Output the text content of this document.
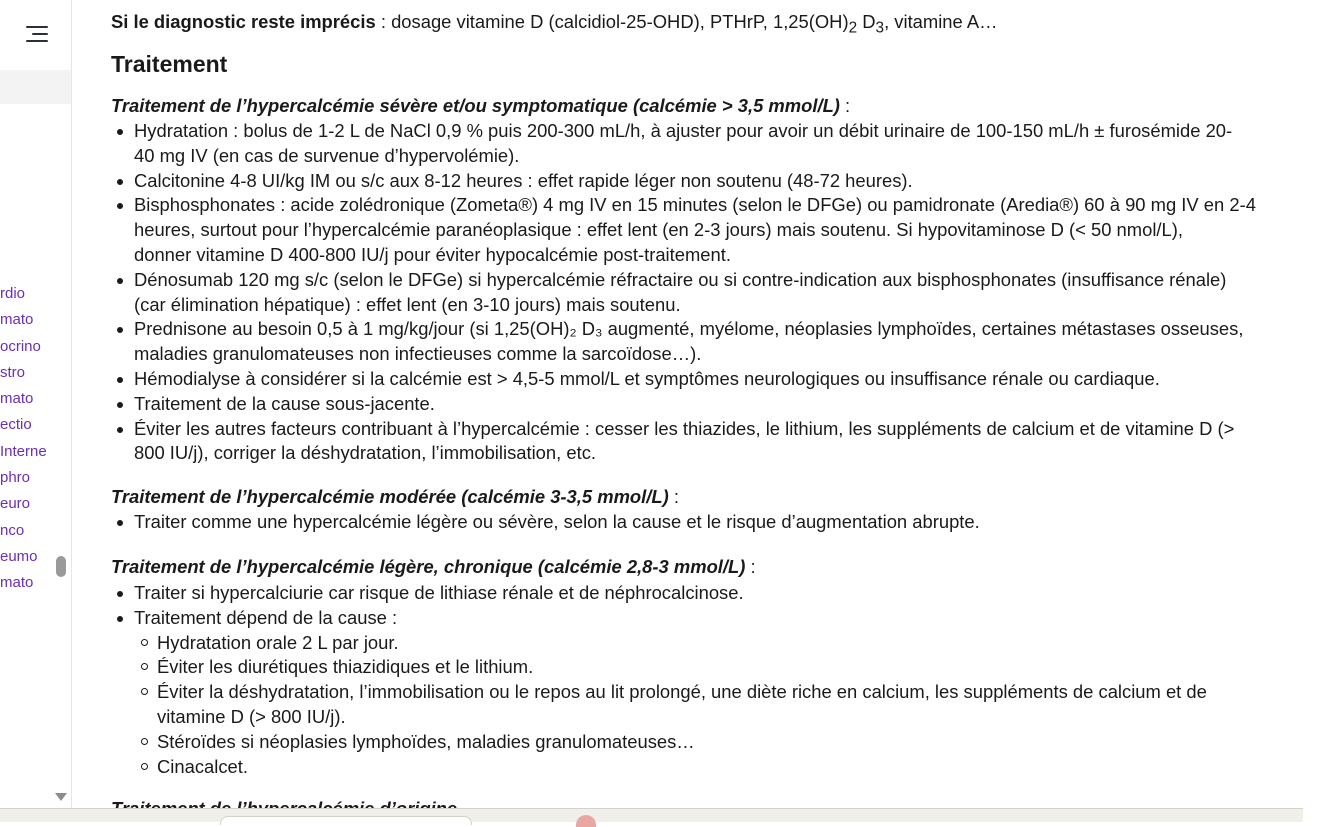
rdio
mato
ocrino
stro
mato
ectio
Interne
phro
euro
nco
eumo
mato

Si le diagnostic reste imprécis : dosage vitamine D (calcidiol-25-OHD), PTHrP, $1,25(OH)_2$ $D_3$, vitamine A…

Traitement

Traitement de l’hypercalcémie sévère et/ou symptomatique (calcémie > 3,5 mmol/L) :

Hydratation : bolus de 1-2 L de NaCl 0,9 % puis 200-300 mL/h, à ajuster pour avoir un débit urinaire de 100-150 mL/h ± furosémide 20-
40 mg IV (en cas de survenue d’hypervolémie).
Calcitonine 4-8 UI/kg IM ou s/c aux 8-12 heures : effet rapide léger non soutenu (48-72 heures).
Bisphosphonates : acide zolédronique (Zometa®) 4 mg IV en 15 minutes (selon le DFGe) ou pamidronate (Aredia®) 60 à 90 mg IV en 2-4
heures, surtout pour l’hypercalcémie paranéoplasique : effet lent (en 2-3 jours) mais soutenu. Si hypovitaminose D (< 50 nmol/L),
donner vitamine D 400-800 IU/j pour éviter hypocalcémie post-traitement.
Dénosumab 120 mg s/c (selon le DFGe) si hypercalcémie réfractaire ou si contre-indication aux bisphosphonates (insuffisance rénale)
(car élimination hépatique) : effet lent (en 3-10 jours) mais soutenu.
Prednisone au besoin 0,5 à 1 mg/kg/jour (si 1,25(OH)₂ D₃ augmenté, myélome, néoplasies lymphoïdes, certaines métastases osseuses,
maladies granulomateuses non infectieuses comme la sarcoïdose…).
Hémodialyse à considérer si la calcémie est > 4,5-5 mmol/L et symptômes neurologiques ou insuffisance rénale ou cardiaque.
Traitement de la cause sous-jacente.
Éviter les autres facteurs contribuant à l’hypercalcémie : cesser les thiazides, le lithium, les suppléments de calcium et de vitamine D (>
800 IU/j), corriger la déshydratation, l’immobilisation, etc.

Traitement de l’hypercalcémie modérée (calcémie 3-3,5 mmol/L) :

Traiter comme une hypercalcémie légère ou sévère, selon la cause et le risque d’augmentation abrupte.

Traitement de l’hypercalcémie légère, chronique (calcémie 2,8-3 mmol/L) :

Traiter si hypercalciurie car risque de lithiase rénale et de néphrocalcinose.
Traitement dépend de la cause :
Hydratation orale 2 L par jour.
Éviter les diurétiques thiazidiques et le lithium.
Éviter la déshydratation, l’immobilisation ou le repos au lit prolongé, une diète riche en calcium, les suppléments de calcium et de
vitamine D (> 800 IU/j).
Stéroïdes si néoplasies lymphoïdes, maladies granulomateuses…
Cinacalcet.
